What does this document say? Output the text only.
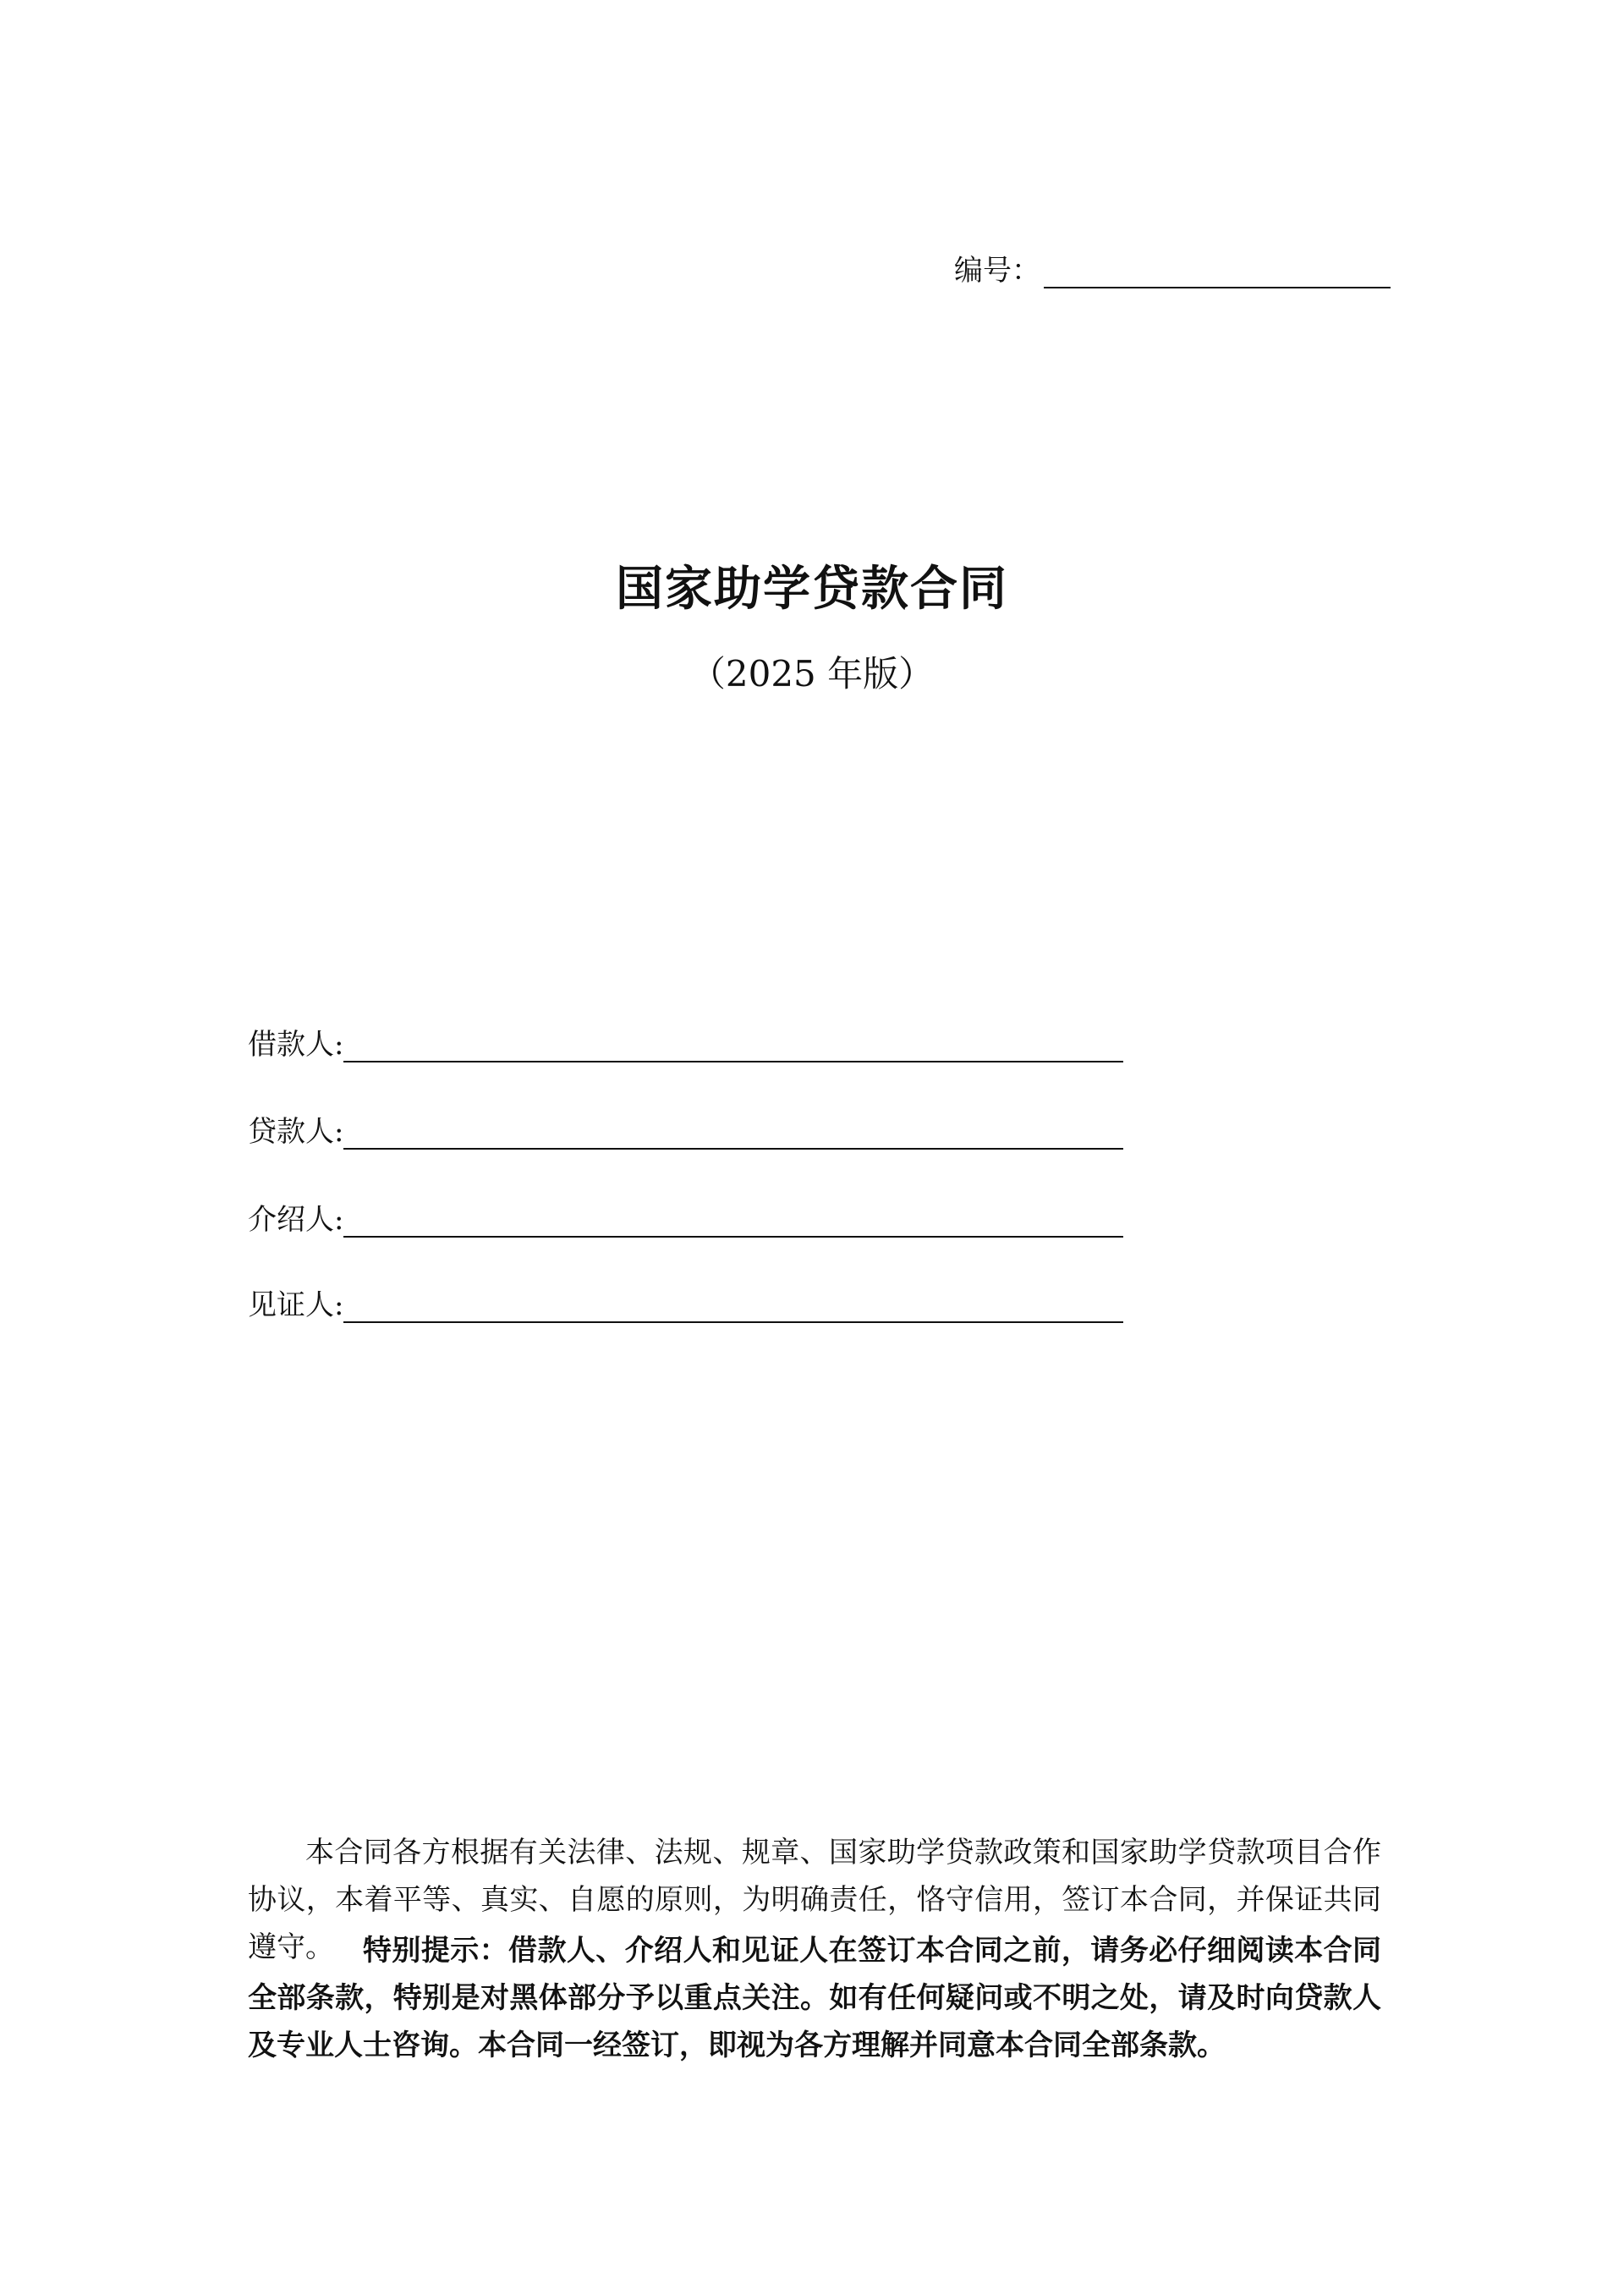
编号：
国家助学贷款合同
（2025 年版）
借款人:
贷款人:
介绍人:
见证人:

本合同各方根据有关法律、法规、规章、国家助学贷款政策和国家助学贷款项目合作协议，本着平等、真实、自愿的原则，为明确责任，恪守信用，签订本合同，并保证共同遵守。	特别提示：借款人、介绍人和见证人在签订本合同之前，请务必仔细阅读本合同全部条款，特别是对黑体部分予以重点关注。如有任何疑问或不明之处，请及时向贷款人及专业人士咨询。本合同一经签订，即视为各方理解并同意本合同全部条款。
